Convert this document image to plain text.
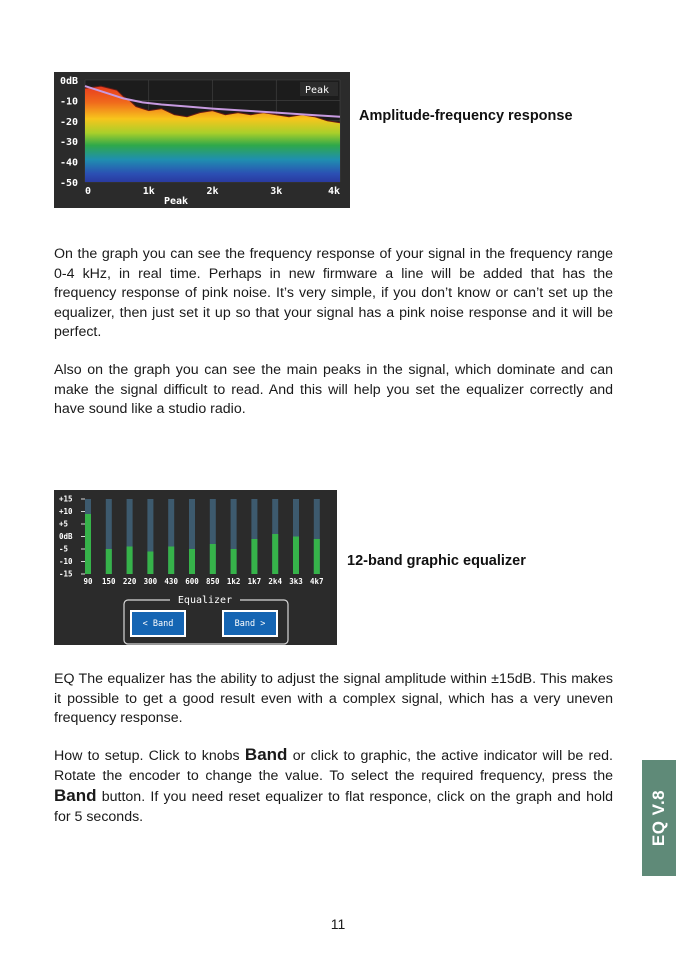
0dB
-10
-20
-30
-40
-50
0	1k	2k	3k	4k
Peak
Peak
Amplitude-frequency response

On the graph you can see the frequency response of your signal in the frequency range 0-4 kHz, in real time. Perhaps in new firmware a line will be added that has the frequency response of pink noise. It’s very simple, if you don’t know or can’t set up the equalizer, then just set it up so that your signal has a pink noise response and it will be perfect.

Also on the graph you can see the main peaks in the signal, which dominate and can make the signal difficult to read. And this will help you set the equalizer correctly and have sound like a studio radio.

+15
+10
+5
0dB
-5
-10
-15
90 150 220 300 430 600 850 1k2 1k7 2k4 3k3 4k7
Equalizer
< Band	Band >
12-band graphic equalizer

EQ The equalizer has the ability to adjust the signal amplitude within ±15dB. This makes it possible to get a good result even with a complex signal, which has a very uneven frequency response.

How to setup. Click to knobs Band or click to graphic, the active indicator will be red. Rotate the encoder to change the value. To select the required frequency, press the Band button. If you need reset equalizer to flat responce, click on the graph and hold for 5 seconds.	EQ V.8
11
